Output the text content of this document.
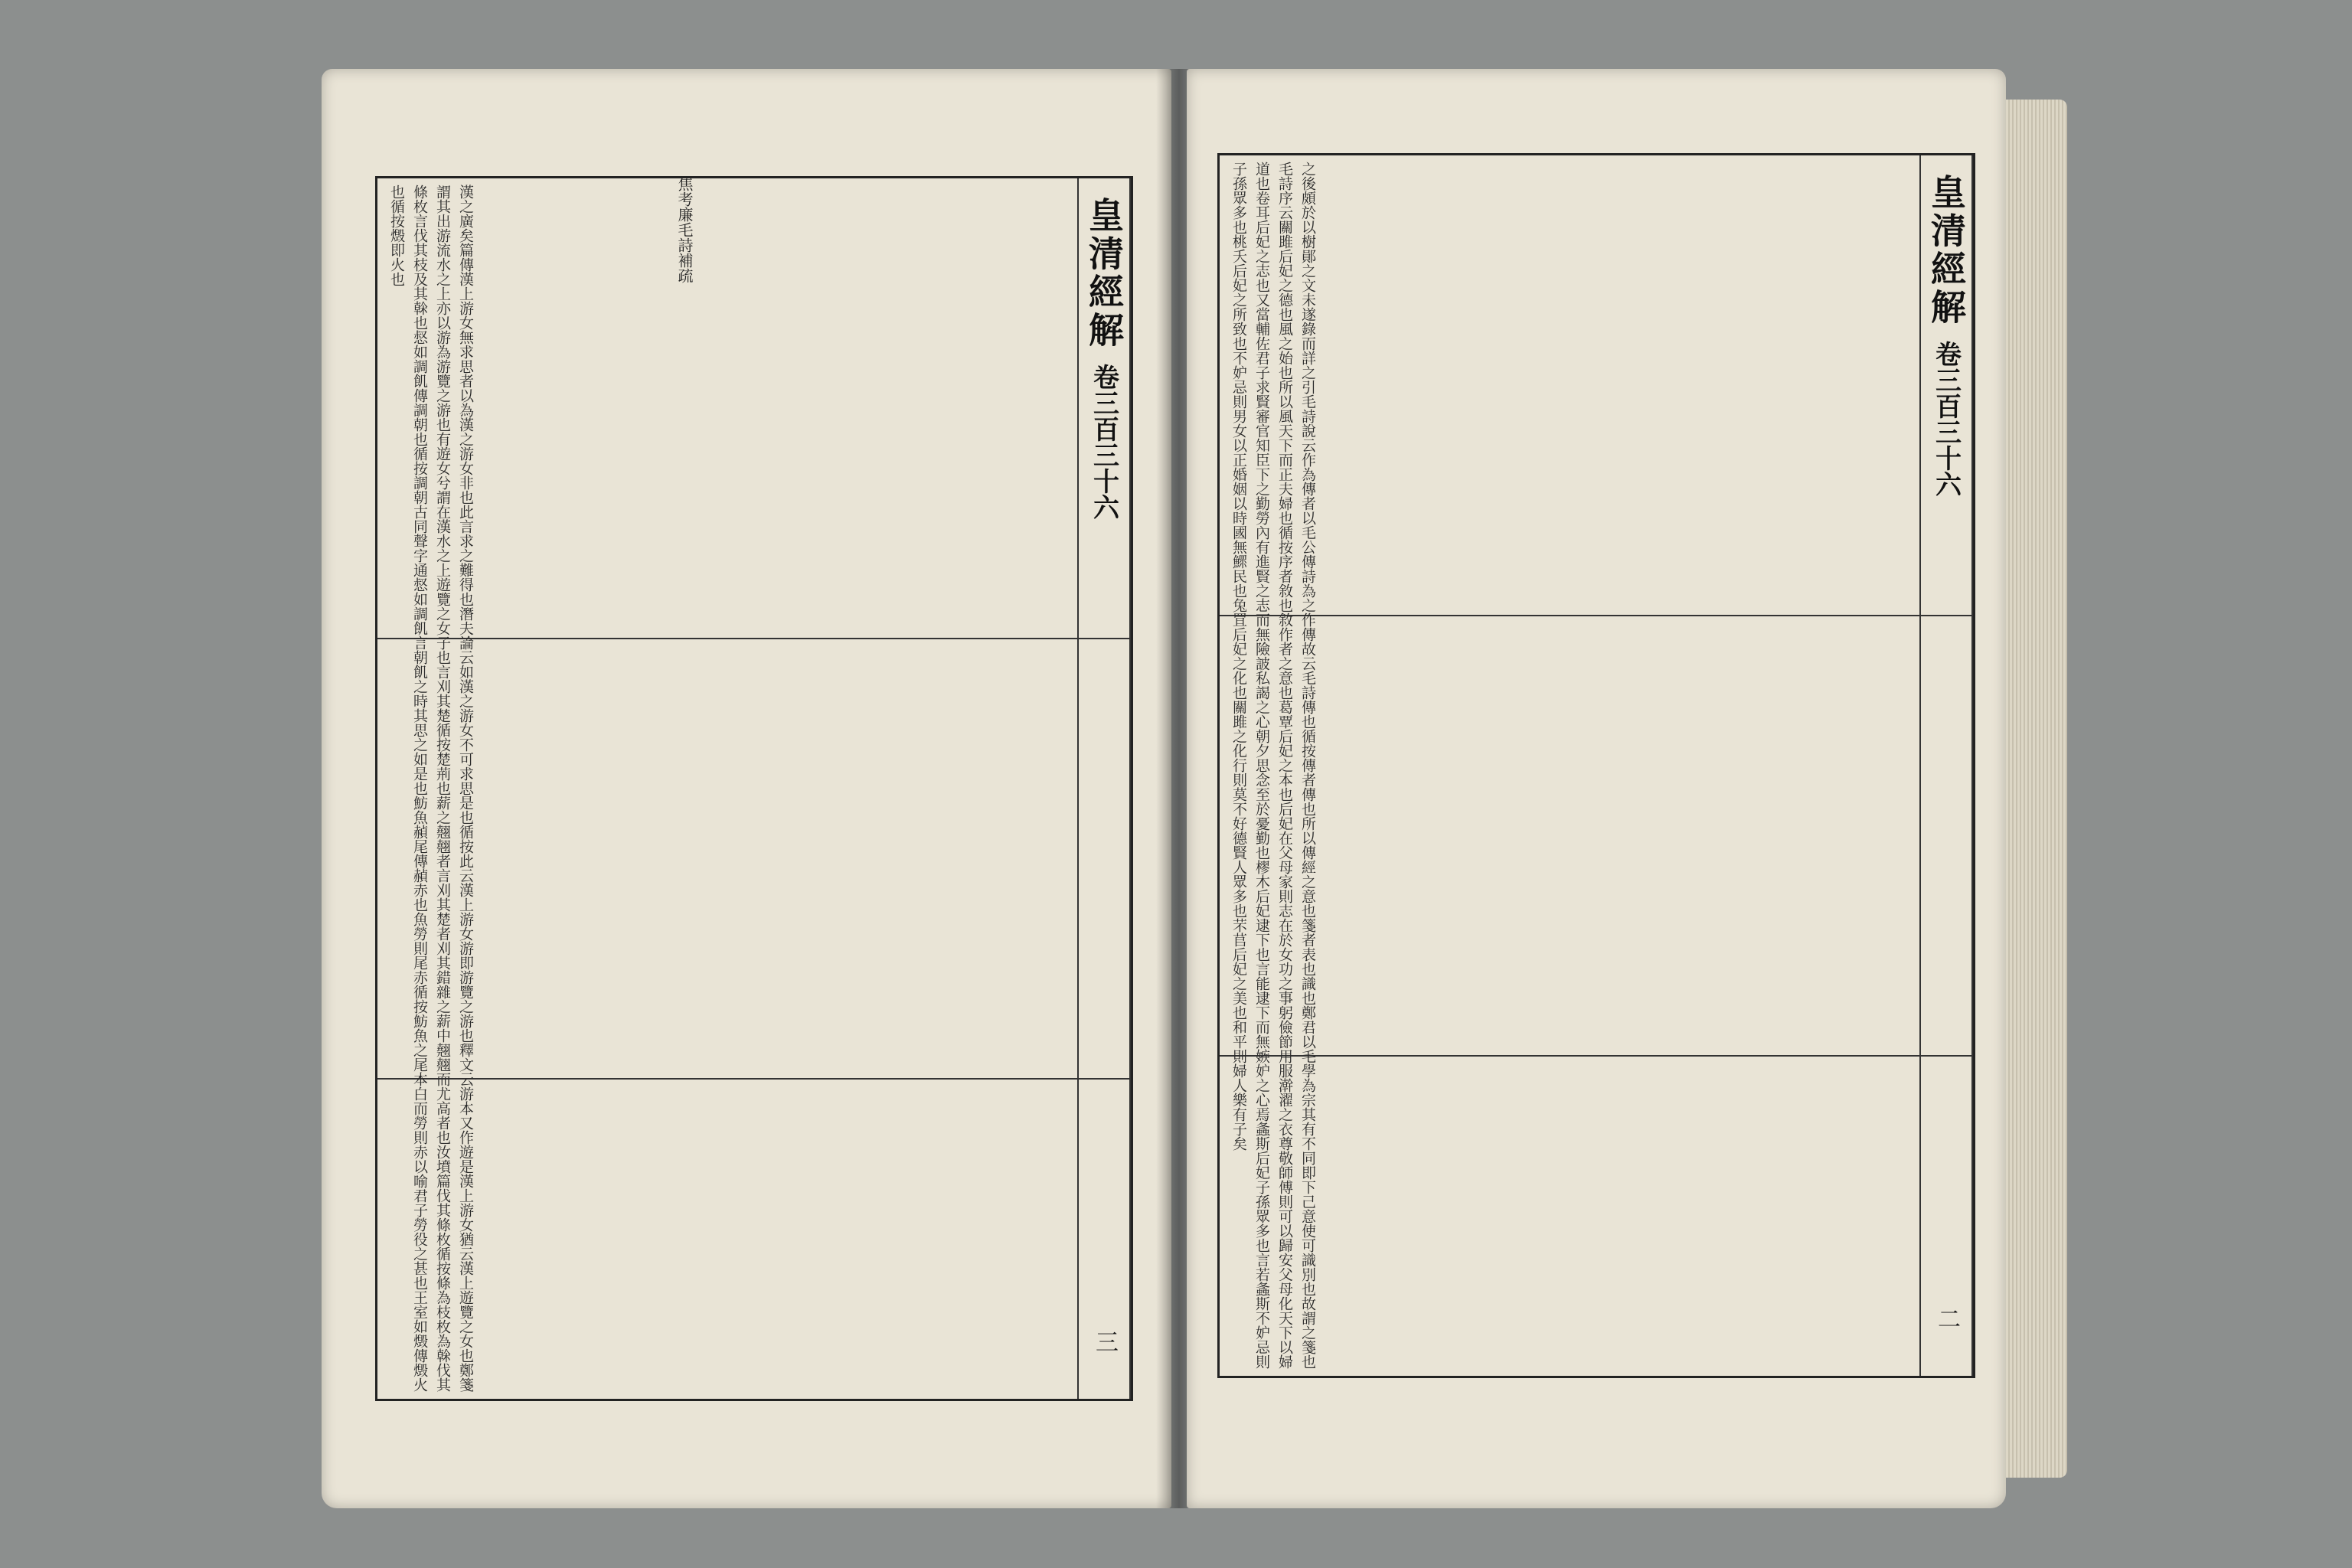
皇清經解
卷三百三十六
三
漢之廣矣篇傳漢上游女無求思者以為漢之游女非也此言求之難得也潛夫論云如漢之游女不可求思是也循按此云漢上游女游即游覽之游也釋文云游本又作遊是漢上游女猶云漢上遊覽之女也鄭箋謂其出游流水之上亦以游為游覽之游也有遊女兮謂在漢水之上遊覽之女子也言刈其楚循按楚荊也薪之翹翹者言刈其楚者刈其錯雜之薪中翹翹而尤高者也汝墳篇伐其條枚循按條為枝枚為榦伐其條枚言伐其枝及其榦也惄如調飢傳調朝也循按調朝古同聲字通惄如調飢言朝飢之時其思之如是也魴魚赬尾傳赬赤也魚勞則尾赤循按魴魚之尾本白而勞則赤以喻君子勞役之甚也王室如燬傳燬火也循按燬即火也	焦考廉毛詩補疏	皇清經解
卷三百三十六
二
之後頗於以樹鄖之文未遂錄而詳之引毛詩說云作為傳者以毛公傳詩為之作傳故云毛詩傳也循按傳者傳也所以傳經之意也箋者表也識也鄭君以毛學為宗其有不同即下己意使可識別也故謂之箋也毛詩序云關雎后妃之德也風之始也所以風天下而正夫婦也循按序者敘也敘作者之意也葛覃后妃之本也后妃在父母家則志在於女功之事躬儉節用服澣濯之衣尊敬師傅則可以歸安父母化天下以婦道也卷耳后妃之志也又當輔佐君子求賢審官知臣下之勤勞內有進賢之志而無險詖私謁之心朝夕思念至於憂勤也樛木后妃逮下也言能逮下而無嫉妒之心焉螽斯后妃子孫眾多也言若螽斯不妒忌則子孫眾多也桃夭后妃之所致也不妒忌則男女以正婚姻以時國無鰥民也兔罝后妃之化也關雎之化行則莫不好德賢人眾多也芣苢后妃之美也和平則婦人樂有子矣
